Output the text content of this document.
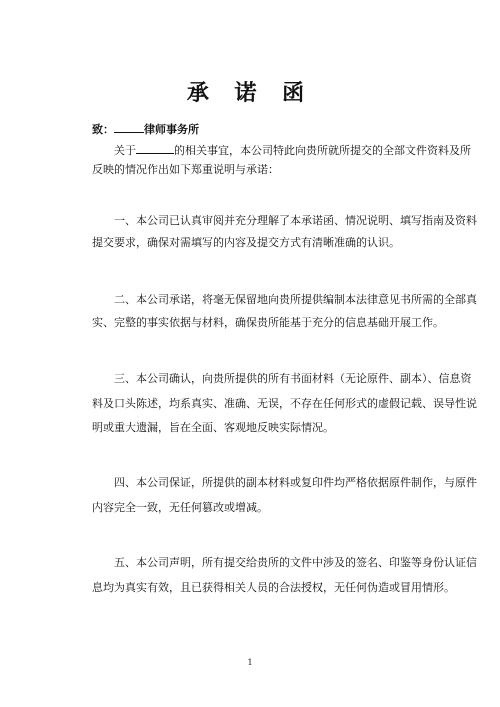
承 诺 函
致：	律师事务所
关于	的相关事宜，本公司特此向贵所就所提交的全部文件资料及所
反映的情况作出如下郑重说明与承诺：
一、本公司已认真审阅并充分理解了本承诺函、情况说明、填写指南及资料
提交要求，确保对需填写的内容及提交方式有清晰准确的认识。
二、本公司承诺，将毫无保留地向贵所提供编制本法律意见书所需的全部真
实、完整的事实依据与材料，确保贵所能基于充分的信息基础开展工作。
三、本公司确认，向贵所提供的所有书面材料（无论原件、副本）、信息资
料及口头陈述，均系真实、准确、无误，不存在任何形式的虚假记载、误导性说
明或重大遗漏，旨在全面、客观地反映实际情况。
四、本公司保证，所提供的副本材料或复印件均严格依据原件制作，与原件
内容完全一致，无任何篡改或增减。
五、本公司声明，所有提交给贵所的文件中涉及的签名、印鉴等身份认证信
息均为真实有效，且已获得相关人员的合法授权，无任何伪造或冒用情形。
1
